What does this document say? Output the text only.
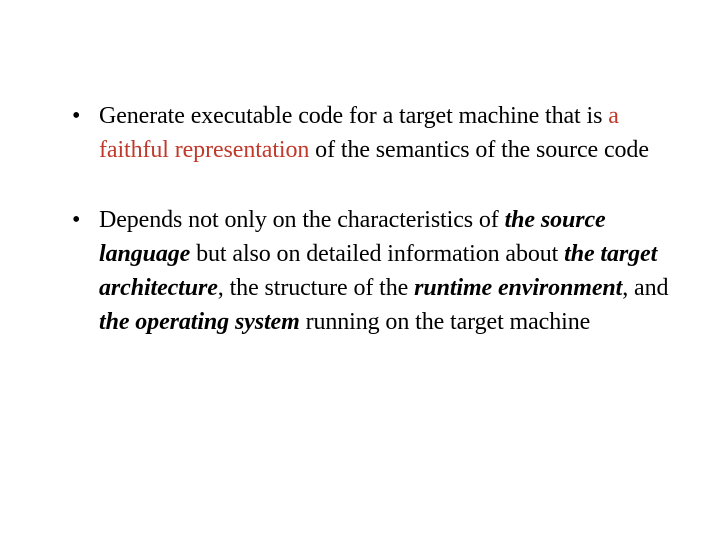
• Generate executable code for a target machine that is a faithful representation of the semantics of the source code
• Depends not only on the characteristics of the source language but also on detailed information about the target architecture, the structure of the runtime environment, and the operating system running on the target machine
